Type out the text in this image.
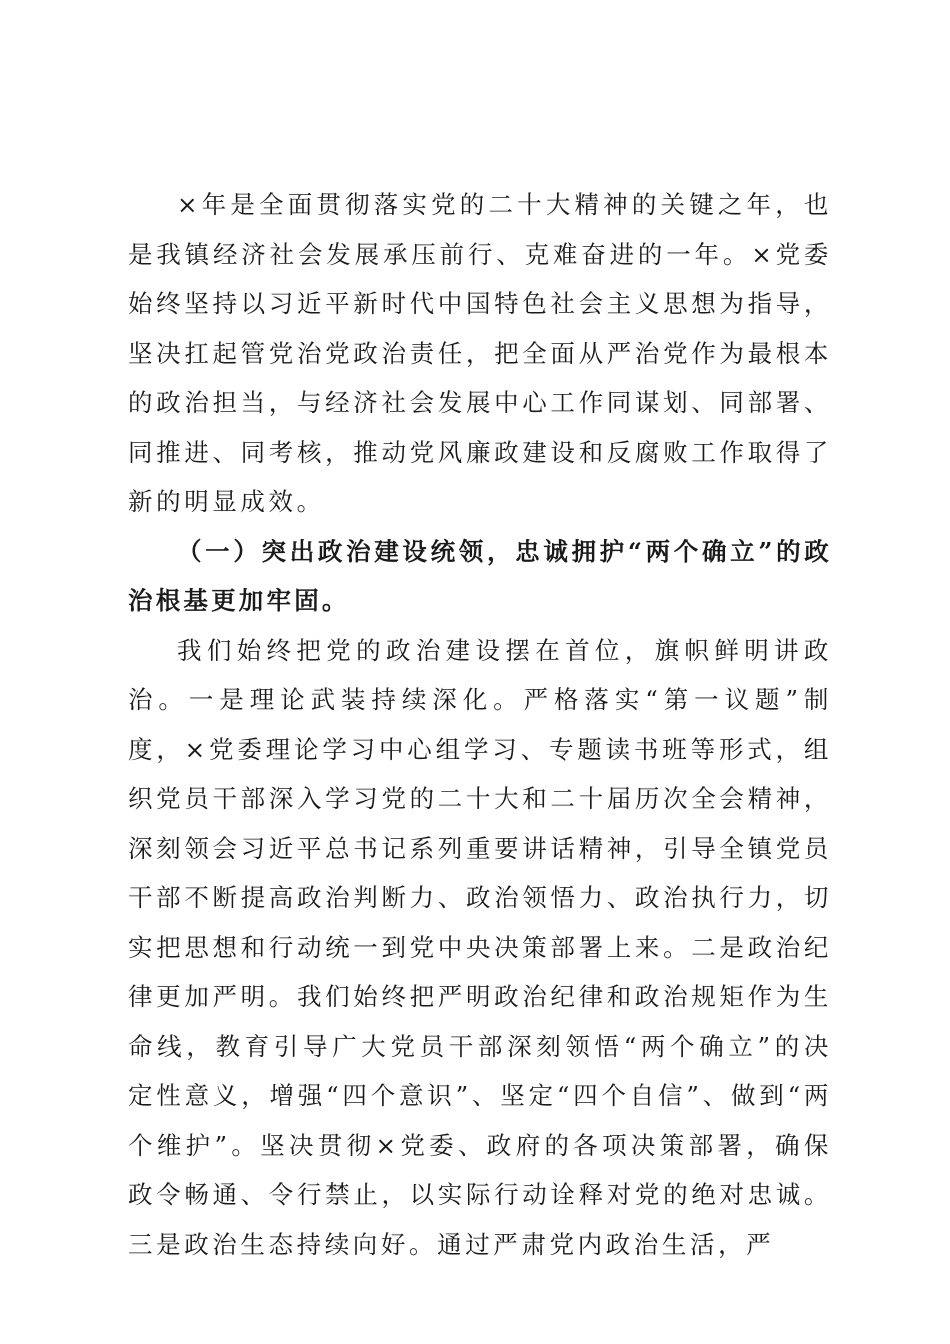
×年是全面贯彻落实党的二十大精神的关键之年，也是我镇经济社会发展承压前行、克难奋进的一年。×党委始终坚持以习近平新时代中国特色社会主义思想为指导，坚决扛起管党治党政治责任，把全面从严治党作为最根本的政治担当，与经济社会发展中心工作同谋划、同部署、同推进、同考核，推动党风廉政建设和反腐败工作取得了新的明显成效。

（一）突出政治建设统领，忠诚拥护“两个确立”的政治根基更加牢固。

我们始终把党的政治建设摆在首位，旗帜鲜明讲政治。一是理论武装持续深化。严格落实“第一议题”制度，×党委理论学习中心组学习、专题读书班等形式，组织党员干部深入学习党的二十大和二十届历次全会精神，深刻领会习近平总书记系列重要讲话精神，引导全镇党员干部不断提高政治判断力、政治领悟力、政治执行力，切实把思想和行动统一到党中央决策部署上来。二是政治纪律更加严明。我们始终把严明政治纪律和政治规矩作为生命线，教育引导广大党员干部深刻领悟“两个确立”的决定性意义，增强“四个意识”、坚定“四个自信”、做到“两个维护”。坚决贯彻×党委、政府的各项决策部署，确保政令畅通、令行禁止，以实际行动诠释对党的绝对忠诚。三是政治生态持续向好。通过严肃党内政治生活，严
